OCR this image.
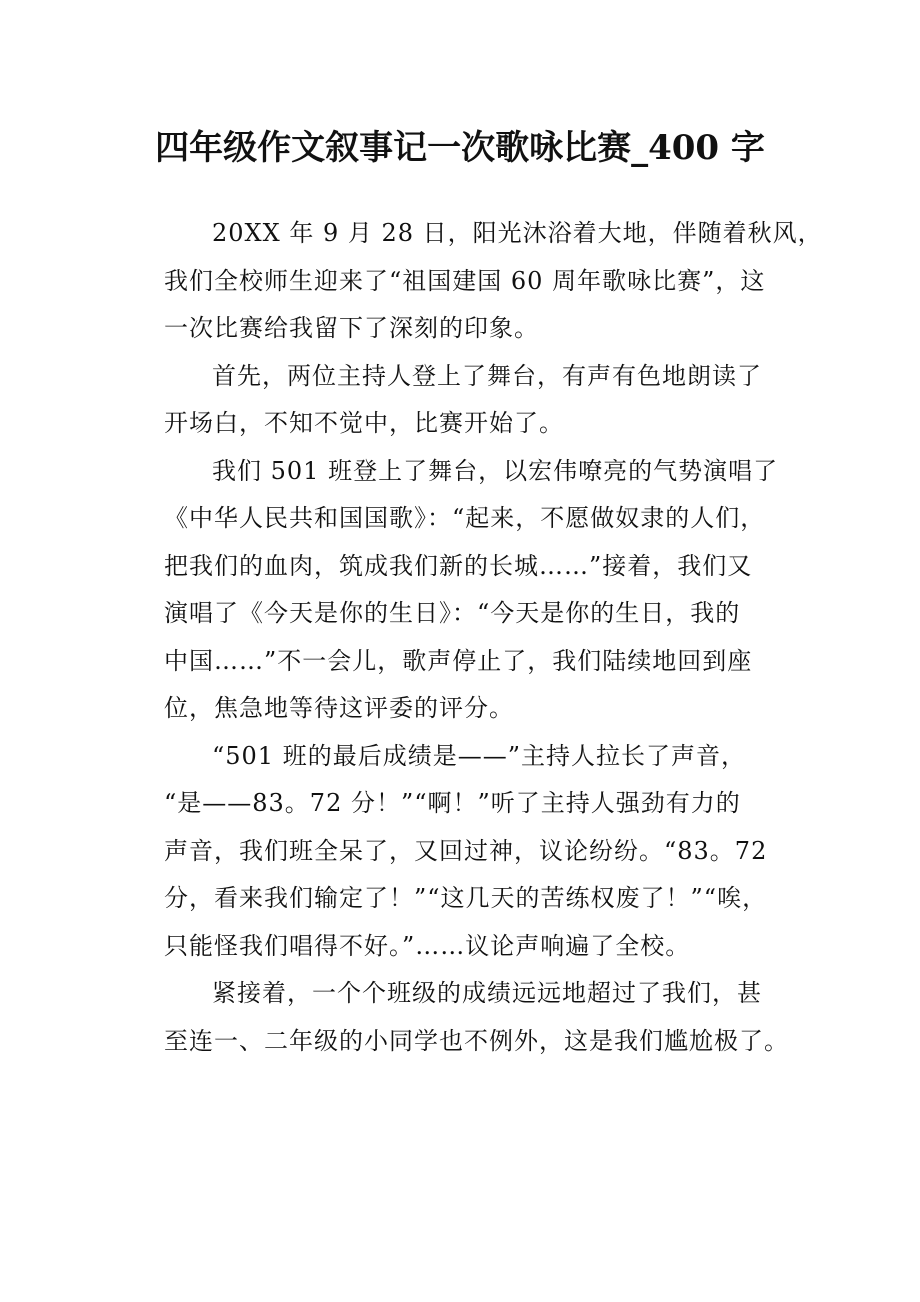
四年级作文叙事记一次歌咏比赛_400 字
20XX 年 9 月 28 日，阳光沐浴着大地，伴随着秋风，
我们全校师生迎来了“祖国建国 60 周年歌咏比赛”，这
一次比赛给我留下了深刻的印象。
首先，两位主持人登上了舞台，有声有色地朗读了
开场白，不知不觉中，比赛开始了。
我们 501 班登上了舞台，以宏伟嘹亮的气势演唱了
《中华人民共和国国歌》：“起来，不愿做奴隶的人们，
把我们的血肉，筑成我们新的长城……”接着，我们又
演唱了《今天是你的生日》：“今天是你的生日，我的
中国……”不一会儿，歌声停止了，我们陆续地回到座
位，焦急地等待这评委的评分。
“501 班的最后成绩是——”主持人拉长了声音，
“是——83。72 分！”“啊！”听了主持人强劲有力的
声音，我们班全呆了，又回过神，议论纷纷。“83。72
分，看来我们输定了！”“这几天的苦练权废了！”“唉，
只能怪我们唱得不好。”……议论声响遍了全校。
紧接着，一个个班级的成绩远远地超过了我们，甚
至连一、二年级的小同学也不例外，这是我们尴尬极了。
